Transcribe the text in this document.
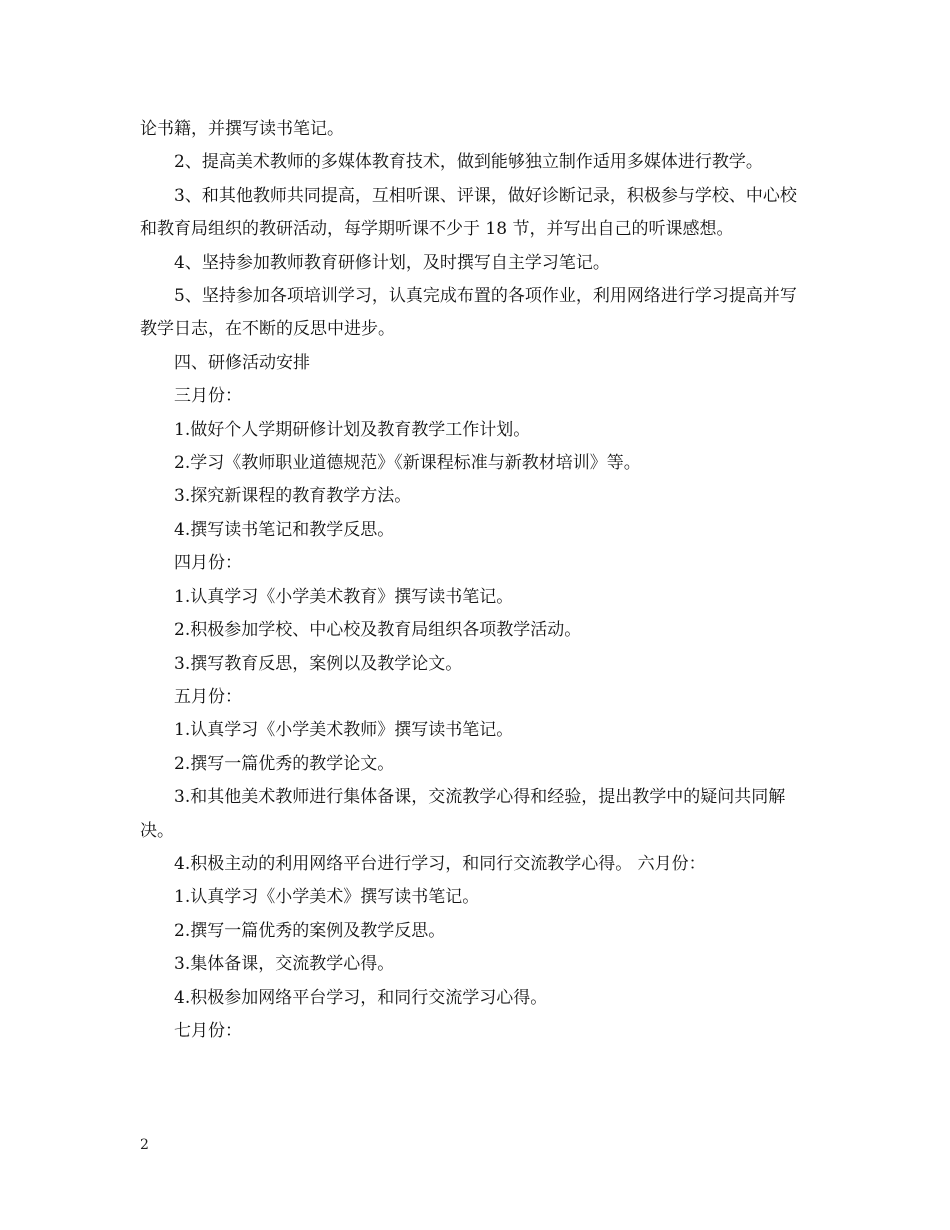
论书籍，并撰写读书笔记。

2、提高美术教师的多媒体教育技术，做到能够独立制作适用多媒体进行教学。

3、和其他教师共同提高，互相听课、评课，做好诊断记录，积极参与学校、中心校和教育局组织的教研活动，每学期听课不少于 18 节，并写出自己的听课感想。

4、坚持参加教师教育研修计划，及时撰写自主学习笔记。

5、坚持参加各项培训学习，认真完成布置的各项作业，利用网络进行学习提高并写教学日志，在不断的反思中进步。

四、研修活动安排

三月份：

1.做好个人学期研修计划及教育教学工作计划。

2.学习《教师职业道德规范》《新课程标准与新教材培训》等。

3.探究新课程的教育教学方法。

4.撰写读书笔记和教学反思。

四月份：

1.认真学习《小学美术教育》撰写读书笔记。

2.积极参加学校、中心校及教育局组织各项教学活动。

3.撰写教育反思，案例以及教学论文。

五月份：

1.认真学习《小学美术教师》撰写读书笔记。

2.撰写一篇优秀的教学论文。

3.和其他美术教师进行集体备课，交流教学心得和经验，提出教学中的疑问共同解决。

4.积极主动的利用网络平台进行学习，和同行交流教学心得。 六月份：

1.认真学习《小学美术》撰写读书笔记。

2.撰写一篇优秀的案例及教学反思。

3.集体备课，交流教学心得。

4.积极参加网络平台学习，和同行交流学习心得。

七月份：

2
